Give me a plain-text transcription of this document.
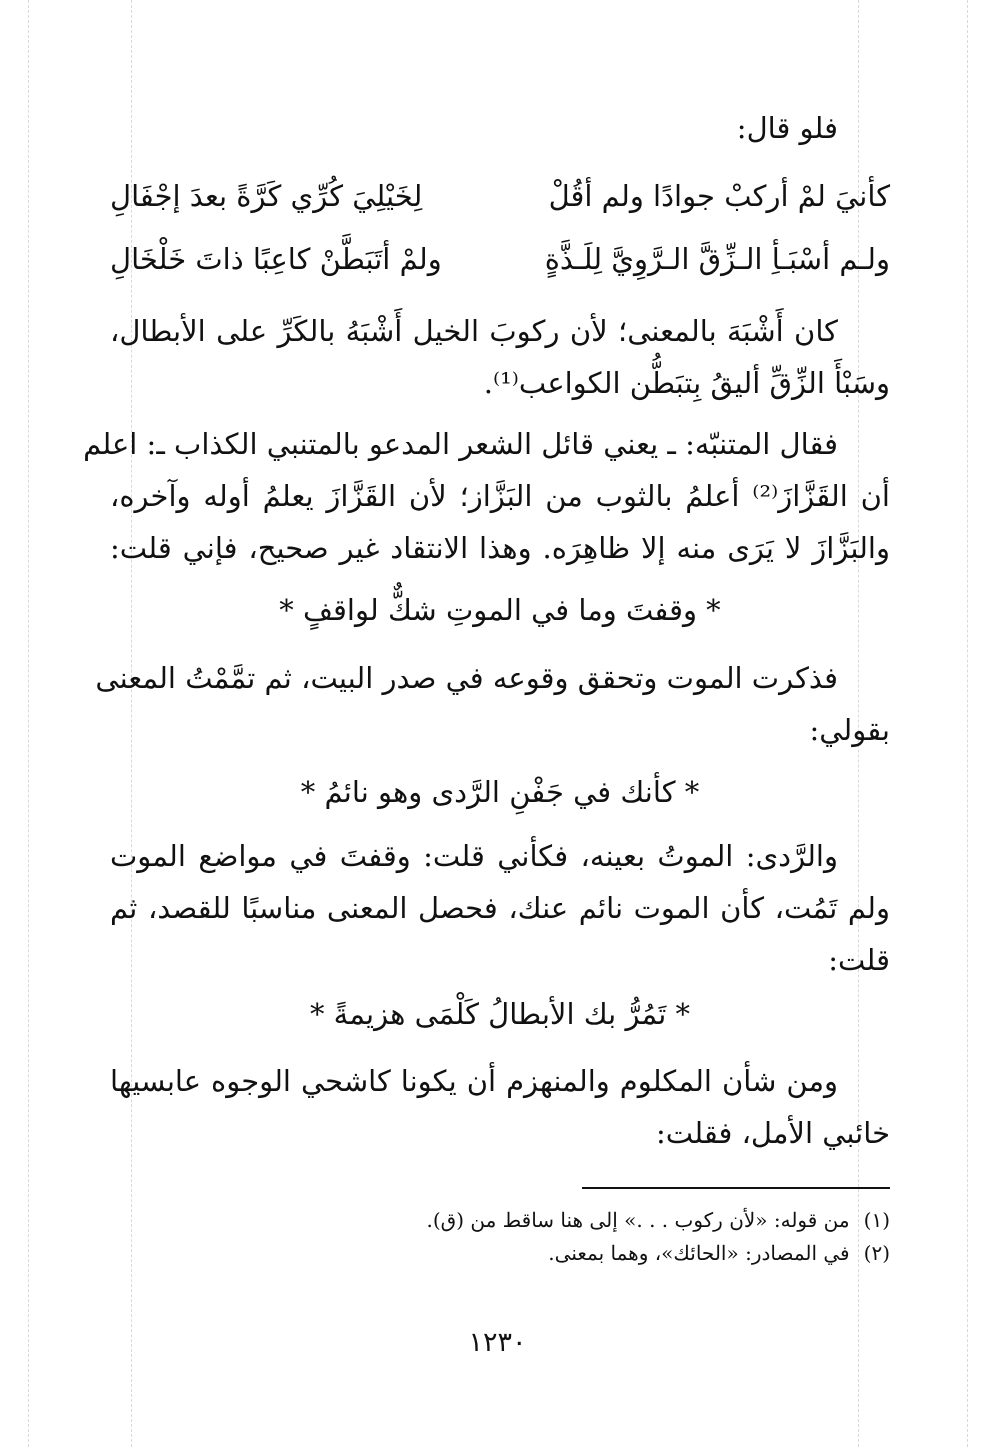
فلو قال:
كأنيَ لمْ أركبْ جوادًا ولم أقُلْ
لِخَيْلِيَ كُرِّي كَرَّةً بعدَ إجْفَالِ
ولـم أسْبَـأِ الـزِّقَّ الـرَّوِيَّ لِلَـذَّةٍ
ولمْ أتَبَطَّنْ كاعِبًا ذاتَ خَلْخَالِ
كان أَشْبَهَ بالمعنى؛ لأن ركوبَ الخيل أَشْبَهُ بالكَرِّ على الأبطال،
وسَبْأَ الزِّقِّ أليقُ بِتبَطُّن الكواعب⁽¹⁾.
فقال المتنبّه: ـ يعني قائل الشعر المدعو بالمتنبي الكذاب ـ: اعلم
أن القَزَّازَ⁽²⁾ أعلمُ بالثوب من البَزَّاز؛ لأن القَزَّازَ يعلمُ أوله وآخره،
والبَزَّازَ لا يَرَى منه إلا ظاهِرَه. وهذا الانتقاد غير صحيح، فإني قلت:
* وقفتَ وما في الموتِ شكٌّ لواقفٍ *
فذكرت الموت وتحقق وقوعه في صدر البيت، ثم تمَّمْتُ المعنى
بقولي:
* كأنك في جَفْنِ الرَّدى وهو نائمُ *
والرَّدى: الموتُ بعينه، فكأني قلت: وقفتَ في مواضع الموت
ولم تَمُت، كأن الموت نائم عنك، فحصل المعنى مناسبًا للقصد، ثم
قلت:
* تَمُرُّ بك الأبطالُ كَلْمَى هزيمةً *
ومن شأن المكلوم والمنهزم أن يكونا كاشحي الوجوه عابسيها
خائبي الأمل، فقلت:
(١)من قوله: «لأن ركوب . . .» إلى هنا ساقط من (ق).
(٢)في المصادر: «الحائك»، وهما بمعنى.
١٢٣٠
